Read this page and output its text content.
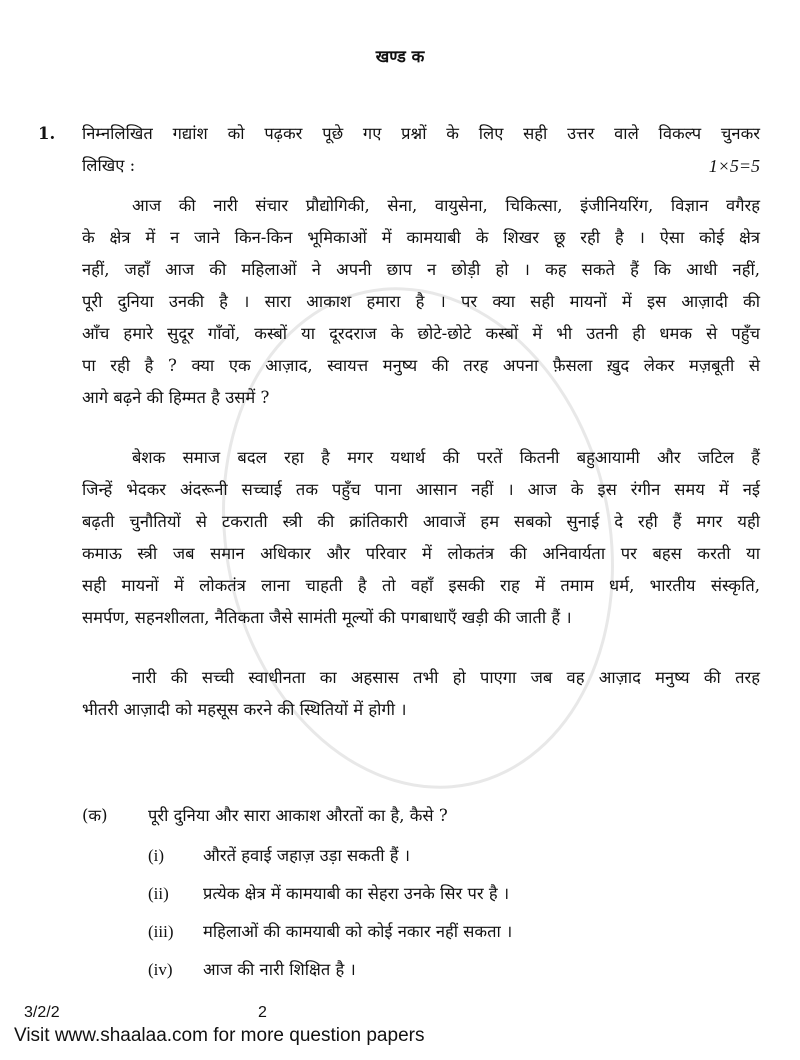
खण्ड क
1. निम्नलिखित गद्यांश को पढ़कर पूछे गए प्रश्नों के लिए सही उत्तर वाले विकल्प चुनकर
लिखिए :	1×5=5
आज की नारी संचार प्रौद्योगिकी, सेना, वायुसेना, चिकित्सा, इंजीनियरिंग, विज्ञान वगैरह
के क्षेत्र में न जाने किन-किन भूमिकाओं में कामयाबी के शिखर छू रही है । ऐसा कोई क्षेत्र
नहीं, जहाँ आज की महिलाओं ने अपनी छाप न छोड़ी हो । कह सकते हैं कि आधी नहीं,
पूरी दुनिया उनकी है । सारा आकाश हमारा है । पर क्या सही मायनों में इस आज़ादी की
आँच हमारे सुदूर गाँवों, कस्बों या दूरदराज के छोटे-छोटे कस्बों में भी उतनी ही धमक से पहुँच
पा रही है ? क्या एक आज़ाद, स्वायत्त मनुष्य की तरह अपना फ़ैसला ख़ुद लेकर मज़बूती से
आगे बढ़ने की हिम्मत है उसमें ?
बेशक समाज बदल रहा है मगर यथार्थ की परतें कितनी बहुआयामी और जटिल हैं
जिन्हें भेदकर अंदरूनी सच्चाई तक पहुँच पाना आसान नहीं । आज के इस रंगीन समय में नई
बढ़ती चुनौतियों से टकराती स्त्री की क्रांतिकारी आवाजें हम सबको सुनाई दे रही हैं मगर यही
कमाऊ स्त्री जब समान अधिकार और परिवार में लोकतंत्र की अनिवार्यता पर बहस करती या
सही मायनों में लोकतंत्र लाना चाहती है तो वहाँ इसकी राह में तमाम धर्म, भारतीय संस्कृति,
समर्पण, सहनशीलता, नैतिकता जैसे सामंती मूल्यों की पगबाधाएँ खड़ी की जाती हैं ।
नारी की सच्ची स्वाधीनता का अहसास तभी हो पाएगा जब वह आज़ाद मनुष्य की तरह
भीतरी आज़ादी को महसूस करने की स्थितियों में होगी ।
(क) पूरी दुनिया और सारा आकाश औरतों का है, कैसे ?
(i) औरतें हवाई जहाज़ उड़ा सकती हैं ।
(ii) प्रत्येक क्षेत्र में कामयाबी का सेहरा उनके सिर पर है ।
(iii) महिलाओं की कामयाबी को कोई नकार नहीं सकता ।
(iv) आज की नारी शिक्षित है ।
3/2/2	2
Visit www.shaalaa.com for more question papers
